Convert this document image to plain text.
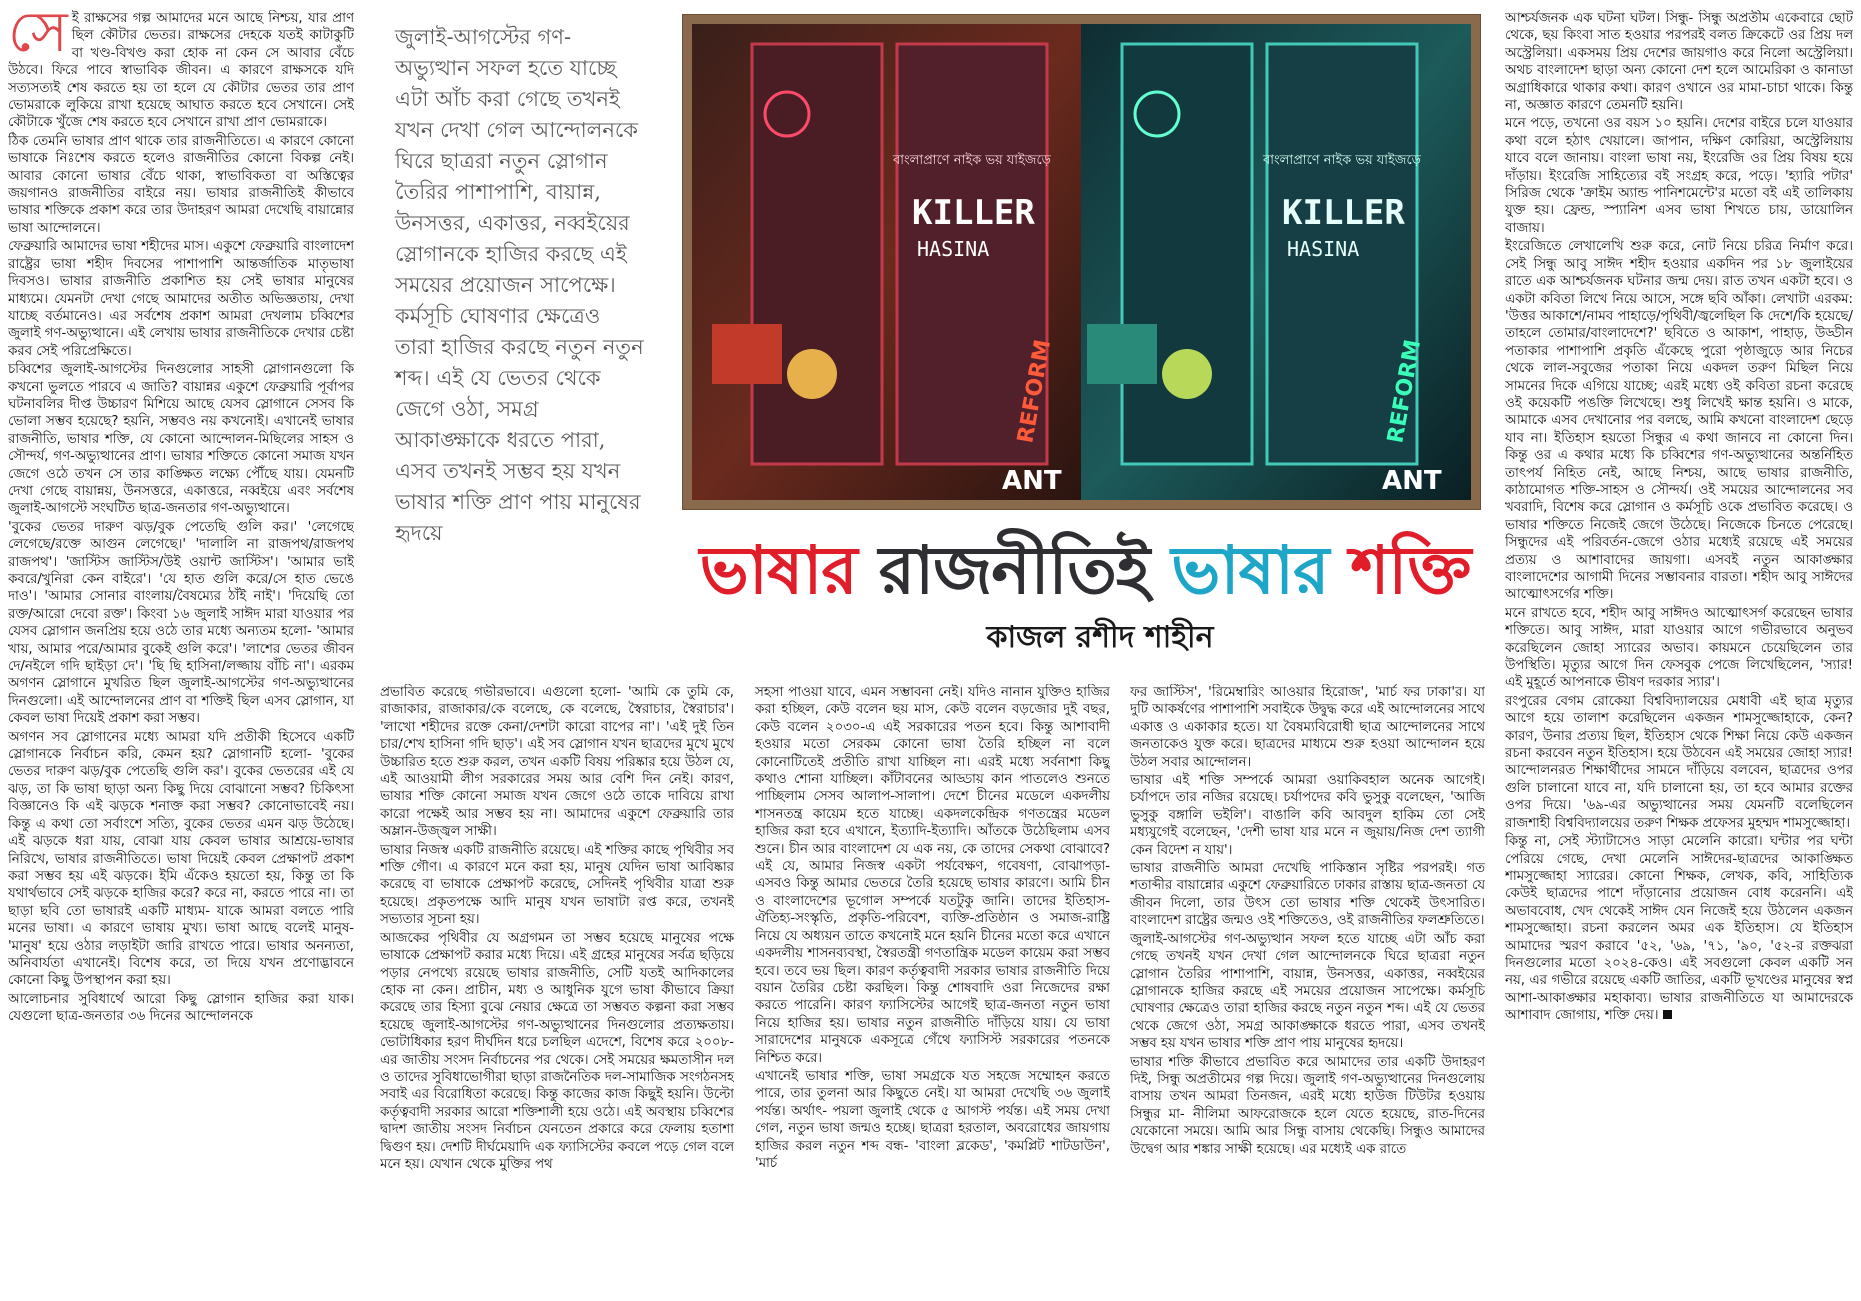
সে ই রাক্ষসের গল্প আমাদের মনে আছে নিশ্চয়, যার প্রাণ ছিল কৌটার ভেতর। রাক্ষসের দেহকে যতই কাটাকুটি বা খণ্ড-বিখণ্ড করা হোক না কেন সে আবার বেঁচে উঠবে। ফিরে পাবে স্বাভাবিক জীবন। এ কারণে রাক্ষসকে যদি সত্যসত্যই শেষ করতে হয় তা হলে যে কৌটার ভেতর তার প্রাণ ভোমরাকে লুকিয়ে রাখা হয়েছে আঘাত করতে হবে সেখানে। সেই কৌটাকে খুঁজে শেষ করতে হবে সেখানে রাখা প্রাণ ভোমরাকে।

ঠিক তেমনি ভাষার প্রাণ থাকে তার রাজনীতিতে। এ কারণে কোনো ভাষাকে নিঃশেষ করতে হলেও রাজনীতির কোনো বিকল্প নেই। আবার কোনো ভাষার বেঁচে থাকা, স্বাভাবিকতা বা অস্তিত্বের জয়গানও রাজনীতির বাইরে নয়। ভাষার রাজনীতিই কীভাবে ভাষার শক্তিকে প্রকাশ করে তার উদাহরণ আমরা দেখেছি বায়ান্নোর ভাষা আন্দোলনে।

ফেব্রুয়ারি আমাদের ভাষা শহীদের মাস। একুশে ফেব্রুয়ারি বাংলাদেশ রাষ্ট্রের ভাষা শহীদ দিবসের পাশাপাশি আন্তর্জাতিক মাতৃভাষা দিবসও। ভাষার রাজনীতি প্রকাশিত হয় সেই ভাষার মানুষের মাধ্যমে। যেমনটা দেখা গেছে আমাদের অতীত অভিজ্ঞতায়, দেখা যাচ্ছে বর্তমানেও। এর সর্বশেষ প্রকাশ আমরা দেখলাম চব্বিশের জুলাই গণ-অভ্যুত্থানে। এই লেখায় ভাষার রাজনীতিকে দেখার চেষ্টা করব সেই পরিপ্রেক্ষিতে।

চব্বিশের জুলাই-আগস্টের দিনগুলোর সাহসী স্লোগানগুলো কি কখনো ভুলতে পারবে এ জাতি? বায়ান্নর একুশে ফেব্রুয়ারি পূর্বাপর ঘটনাবলির দীপ্ত উচ্চারণ মিশিয়ে আছে যেসব স্লোগানে সেসব কি ভোলা সম্ভব হয়েছে? হয়নি, সম্ভবও নয় কখনোই। এখানেই ভাষার রাজনীতি, ভাষার শক্তি, যে কোনো আন্দোলন-মিছিলের সাহস ও সৌন্দর্য, গণ-অভ্যুত্থানের প্রাণ। ভাষার শক্তিতে কোনো সমাজ যখন জেগে ওঠে তখন সে তার কাঙ্ক্ষিত লক্ষ্যে পৌঁছে যায়। যেমনটি দেখা গেছে বায়ান্নয়, উনসত্তরে, একাত্তরে, নব্বইয়ে এবং সর্বশেষ জুলাই-আগস্টে সংঘটিত ছাত্র-জনতার গণ-অভ্যুত্থানে।

'বুকের ভেতর দারুণ ঝড়/বুক পেতেছি গুলি কর।' 'লেগেছে লেগেছে/রক্তে আগুন লেগেছে।' 'দালালি না রাজপথ/রাজপথ রাজপথ'। 'জাস্টিস জাস্টিস/উই ওয়ান্ট জাস্টিস'। 'আমার ভাই কবরে/খুনিরা কেন বাইরে'। 'যে হাত গুলি করে/সে হাত ভেঙে দাও'। 'আমার সোনার বাংলায়/বৈষম্যের ঠাঁই নাই'। 'দিয়েছি তো রক্ত/আরো দেবো রক্ত'। কিংবা ১৬ জুলাই সাঈদ মারা যাওয়ার পর যেসব স্লোগান জনপ্রিয় হয়ে ওঠে তার মধ্যে অন্যতম হলো- 'আমার খায়, আমার পরে/আমার বুকেই গুলি করে'। 'লাশের ভেতর জীবন দে/নইলে গদি ছাইড়া দে'। 'ছি ছি হাসিনা/লজ্জায় বাঁচি না'। এরকম অগণন স্লোগানে মুখরিত ছিল জুলাই-আগস্টের গণ-অভ্যুত্থানের দিনগুলো। এই আন্দোলনের প্রাণ বা শক্তিই ছিল এসব স্লোগান, যা কেবল ভাষা দিয়েই প্রকাশ করা সম্ভব।

অগণন সব স্লোগানের মধ্যে আমরা যদি প্রতীকী হিসেবে একটি স্লোগানকে নির্বাচন করি, কেমন হয়? স্লোগানটি হলো- 'বুকের ভেতর দারুণ ঝড়/বুক পেতেছি গুলি কর'। বুকের ভেতরের এই যে ঝড়, তা কি ভাষা ছাড়া অন্য কিছু দিয়ে বোঝানো সম্ভব? চিকিৎসা বিজ্ঞানেও কি এই ঝড়কে শনাক্ত করা সম্ভব? কোনোভাবেই নয়। কিন্তু এ কথা তো সর্বাংশে সত্যি, বুকের ভেতর এমন ঝড় উঠেছে। এই ঝড়কে ধরা যায়, বোঝা যায় কেবল ভাষার আশ্রয়ে-ভাষার নিরিখে, ভাষার রাজনীতিতে। ভাষা দিয়েই কেবল প্রেক্ষাপট প্রকাশ করা সম্ভব হয় এই ঝড়কে। ইমি এঁকেও হয়তো হয়, কিন্তু তা কি যথার্থভাবে সেই ঝড়কে হাজির করে? করে না, করতে পারে না। তা ছাড়া ছবি তো ভাষারই একটি মাধ্যম- যাকে আমরা বলতে পারি মনের ভাষা। এ কারণে ভাষায় মুখ্য। ভাষা আছে বলেই মানুষ- 'মানুষ' হয়ে ওঠার লড়াইটা জারি রাখতে পারে। ভাষার অনন্যতা, অনিবার্যতা এখানেই। বিশেষ করে, তা দিয়ে যখন প্রণোদ্ভাবনে কোনো কিছু উপস্থাপন করা হয়।

আলোচনার সুবিধার্থে আরো কিছু স্লোগান হাজির করা যাক। যেগুলো ছাত্র-জনতার ৩৬ দিনের আন্দোলনকে

জুলাই-আগস্টের গণ-অভ্যুত্থান সফল হতে যাচ্ছে এটা আঁচ করা গেছে তখনই যখন দেখা গেল আন্দোলনকে ঘিরে ছাত্ররা নতুন স্লোগান তৈরির পাশাপাশি, বায়ান্ন, উনসত্তর, একাত্তর, নব্বইয়ের স্লোগানকে হাজির করছে এই সময়ের প্রয়োজন সাপেক্ষে। কর্মসূচি ঘোষণার ক্ষেত্রেও তারা হাজির করছে নতুন নতুন শব্দ। এই যে ভেতর থেকে জেগে ওঠা, সমগ্র আকাঙ্ক্ষাকে ধরতে পারা, এসব তখনই সম্ভব হয় যখন ভাষার শক্তি প্রাণ পায় মানুষের হৃদয়ে
বাংলাপ্রাণে নাইক ভয় যাইজড়ে	বাংলাপ্রাণে নাইক ভয় যাইজড়ে
KILLER
HASINA
KILLER
HASINA
REFORM	REFORM
ANT	ANT
ভাষার রাজনীতিই ভাষার শক্তি
কাজল রশীদ শাহীন

প্রভাবিত করেছে গভীরভাবে। এগুলো হলো- 'আমি কে তুমি কে, রাজাকার, রাজাকার/কে বলেছে, কে বলেছে, স্বৈরাচার, স্বৈরাচার'। 'লাখো শহীদের রক্তে কেনা/দেশটা কারো বাপের না'। 'এই দুই তিন চার/শেখ হাসিনা গদি ছাড়'। এই সব স্লোগান যখন ছাত্রদের মুখে মুখে উচ্চারিত হতে শুরু করল, তখন একটি বিষয় পরিষ্কার হয়ে উঠল যে, এই আওয়ামী লীগ সরকারের সময় আর বেশি দিন নেই। কারণ, ভাষার শক্তি কোনো সমাজ যখন জেগে ওঠে তাকে দাবিয়ে রাখা কারো পক্ষেই আর সম্ভব হয় না। আমাদের একুশে ফেব্রুয়ারি তার অম্লান-উজ্জ্বল সাক্ষী।

ভাষার নিজস্ব একটি রাজনীতি রয়েছে। এই শক্তির কাছে পৃথিবীর সব শক্তি গৌণ। এ কারণে মনে করা হয়, মানুষ যেদিন ভাষা আবিষ্কার করেছে বা ভাষাকে প্রেক্ষাপট করেছে, সেদিনই পৃথিবীর যাত্রা শুরু হয়েছে। প্রকৃতপক্ষে আদি মানুষ যখন ভাষাটা রপ্ত করে, তখনই সভ্যতার সূচনা হয়।

আজকের পৃথিবীর যে অগ্রগমন তা সম্ভব হয়েছে মানুষের পক্ষে ভাষাকে প্রেক্ষাপট করার মধ্যে দিয়ে। এই গ্রহের মানুষের সর্বত্র ছড়িয়ে পড়ার নেপথ্যে রয়েছে ভাষার রাজনীতি, সেটি যতই আদিকালের হোক না কেন। প্রাচীন, মধ্য ও আধুনিক যুগে ভাষা কীভাবে ক্রিয়া করেছে তার হিস্যা বুঝে নেয়ার ক্ষেত্রে তা সম্ভবত কল্পনা করা সম্ভব হয়েছে জুলাই-আগস্টের গণ-অভ্যুত্থানের দিনগুলোর প্রত্যক্ষতায়। ভোটাধিকার হরণ দীর্ঘদিন ধরে চলছিল এদেশে, বিশেষ করে ২০০৮-এর জাতীয় সংসদ নির্বাচনের পর থেকে। সেই সময়ের ক্ষমতাসীন দল ও তাদের সুবিধাভোগীরা ছাড়া রাজনৈতিক দল-সামাজিক সংগঠনসহ সবাই এর বিরোধিতা করেছে। কিন্তু কাজের কাজ কিছুই হয়নি। উল্টো কর্তৃত্ববাদী সরকার আরো শক্তিশালী হয়ে ওঠে। এই অবস্থায় চব্বিশের দ্বাদশ জাতীয় সংসদ নির্বাচন যেনতেন প্রকারে করে ফেলায় হতাশা দ্বিগুণ হয়। দেশটি দীর্ঘমেয়াদি এক ফ্যাসিস্টের কবলে পড়ে গেল বলে মনে হয়। যেখান থেকে মুক্তির পথ

সহসা পাওয়া যাবে, এমন সম্ভাবনা নেই। যদিও নানান যুক্তিও হাজির করা হচ্ছিল, কেউ বলেন ছয় মাস, কেউ বলেন বড়জোর দুই বছর, কেউ বলেন ২০৩০-এ এই সরকারের পতন হবে। কিন্তু আশাবাদী হওয়ার মতো সেরকম কোনো ভাষা তৈরি হচ্ছিল না বলে কোনোটিতেই প্রতীতি রাখা যাচ্ছিল না। এরই মধ্যে সর্বনাশা কিছু কথাও শোনা যাচ্ছিল। কাঁটাবনের আড্ডায় কান পাতলেও শুনতে পাচ্ছিলাম সেসব আলাপ-সালাপ। দেশে চীনের মডেলে একদলীয় শাসনতন্ত্র কায়েম হতে যাচ্ছে। একদলকেন্দ্রিক গণতন্ত্রের মডেল হাজির করা হবে এখানে, ইত্যাদি-ইত্যাদি। আঁতকে উঠেছিলাম এসব শুনে। চীন আর বাংলাদেশ যে এক নয়, কে তাদের সেকথা বোঝাবে? এই যে, আমার নিজস্ব একটা পর্যবেক্ষণ, গবেষণা, বোঝাপড়া- এসবও কিন্তু আমার ভেতরে তৈরি হয়েছে ভাষার কারণে। আমি চীন ও বাংলাদেশের ভূগোল সম্পর্কে যতটুকু জানি। তাদের ইতিহাস-ঐতিহ্য-সংস্কৃতি, প্রকৃতি-পরিবেশ, ব্যক্তি-প্রতিষ্ঠান ও সমাজ-রাষ্ট্রি নিয়ে যে অধ্যয়ন তাতে কখনোই মনে হয়নি চীনের মতো করে এখানে একদলীয় শাসনব্যবস্থা, স্বৈরতন্ত্রী গণতান্ত্রিক মডেল কায়েম করা সম্ভব হবে। তবে ভয় ছিল। কারণ কর্তৃত্ববাদী সরকার ভাষার রাজনীতি দিয়ে বয়ান তৈরির চেষ্টা করছিল। কিন্তু শোষবাদি ওরা নিজেদের রক্ষা করতে পারেনি। কারণ ফ্যাসিস্টের আগেই ছাত্র-জনতা নতুন ভাষা নিয়ে হাজির হয়। ভাষার নতুন রাজনীতি দাঁড়িয়ে যায়। যে ভাষা সারাদেশের মানুষকে একসূত্রে গেঁথে ফ্যাসিস্ট সরকারের পতনকে নিশ্চিত করে।

এখানেই ভাষার শক্তি, ভাষা সমগ্রকে যত সহজে সম্মোহন করতে পারে, তার তুলনা আর কিছুতে নেই। যা আমরা দেখেছি ৩৬ জুলাই পর্যন্ত। অর্থাৎ- পয়লা জুলাই থেকে ৫ আগস্ট পর্যন্ত। এই সময় দেখা গেল, নতুন ভাষা জন্মও হচ্ছে। ছাত্ররা হরতাল, অবরোধের জায়গায় হাজির করল নতুন শব্দ বন্ধ- 'বাংলা ব্লকেড', 'কমপ্লিট শাটডাউন', 'মার্চ

ফর জাস্টিস', 'রিমেম্বারিং আওয়ার হিরোজ', 'মার্চ ফর ঢাকা'র। যা দুটি আকর্ষণের পাশাপাশি সবাইকে উদ্বুদ্ধ করে এই আন্দোলনের সাথে একাত্ত ও একাকার হতে। যা বৈষম্যবিরোধী ছাত্র আন্দোলনের সাথে জনতাকেও যুক্ত করে। ছাত্রদের মাধ্যমে শুরু হওয়া আন্দোলন হয়ে উঠল সবার আন্দোলন।

ভাষার এই শক্তি সম্পর্কে আমরা ওয়াকিবহাল অনেক আগেই। চর্যাপদে তার নজির রয়েছে। চর্যাপদের কবি ভুসুকু বলেছেন, 'আজি ভুসুকু বঙ্গালি ভইলি'। বাঙালি কবি আবদুল হাকিম তো সেই মধ্যযুগেই বলেছেন, 'দেশী ভাষা যার মনে ন জুয়ায়/নিজ দেশ ত্যাগী কেন বিদেশ ন যায়'।

ভাষার রাজনীতি আমরা দেখেছি পাকিস্তান সৃষ্টির পরপরই। গত শতাব্দীর বায়ান্নোর একুশে ফেব্রুয়ারিতে ঢাকার রাস্তায় ছাত্র-জনতা যে জীবন দিলো, তার উৎস তো ভাষার শক্তি থেকেই উৎসারিত। বাংলাদেশ রাষ্ট্রের জন্মও ওই শক্তিতেও, ওই রাজনীতির ফলশ্রুতিতে।

জুলাই-আগস্টের গণ-অভ্যুত্থান সফল হতে যাচ্ছে এটা আঁচ করা গেছে তখনই যখন দেখা গেল আন্দোলনকে ঘিরে ছাত্ররা নতুন স্লোগান তৈরির পাশাপাশি, বায়ান্ন, উনসত্তর, একাত্তর, নব্বইয়ের স্লোগানকে হাজির করছে এই সময়ের প্রয়োজন সাপেক্ষে। কর্মসূচি ঘোষণার ক্ষেত্রেও তারা হাজির করছে নতুন নতুন শব্দ। এই যে ভেতর থেকে জেগে ওঠা, সমগ্র আকাঙ্ক্ষাকে ধরতে পারা, এসব তখনই সম্ভব হয় যখন ভাষার শক্তি প্রাণ পায় মানুষের হৃদয়ে।

ভাষার শক্তি কীভাবে প্রভাবিত করে আমাদের তার একটি উদাহরণ দিই, সিন্ধু অপ্রতীমের গল্প দিয়ে। জুলাই গণ-অভ্যুত্থানের দিনগুলোয় বাসায় তখন আমরা তিনজন, এরই মধ্যে হাউজ টিউটর হওয়ায় সিন্ধুর মা- নীলিমা আফরোজকে হলে যেতে হয়েছে, রাত-দিনের যেকোনো সময়ে। আমি আর সিন্ধু বাসায় থেকেছি। সিন্ধুও আমাদের উদ্বেগ আর শঙ্কার সাক্ষী হয়েছে। এর মধ্যেই এক রাতে

আশ্চর্যজনক এক ঘটনা ঘটল। সিন্ধু- সিন্ধু অপ্রতীম একেবারে ছোট থেকে, ছয় কিংবা সাত হওয়ার পরপরই বলত ক্রিকেটে ওর প্রিয় দল অস্ট্রেলিয়া। একসময় প্রিয় দেশের জায়গাও করে নিলো অস্ট্রেলিয়া। অথচ বাংলাদেশ ছাড়া অন্য কোনো দেশ হলে আমেরিকা ও কানাডা অগ্রাধিকারে থাকার কথা। কারণ ওখানে ওর মামা-চাচা থাকে। কিন্তু না, অজ্ঞাত কারণে তেমনটি হয়নি।

মনে পড়ে, তখনো ওর বয়স ১০ হয়নি। দেশের বাইরে চলে যাওয়ার কথা বলে হঠাৎ খেয়ালে। জাপান, দক্ষিণ কোরিয়া, অস্ট্রেলিয়ায় যাবে বলে জানায়। বাংলা ভাষা নয়, ইংরেজি ওর প্রিয় বিষয় হয়ে দাঁড়ায়। ইংরেজি সাহিত্যের বই সংগ্রহ করে, পড়ে। 'হ্যারি পটার' সিরিজ থেকে 'ক্রাইম অ্যান্ড পানিশমেন্টে'র মতো বই এই তালিকায় যুক্ত হয়। ফ্রেন্ড, স্প্যানিশ এসব ভাষা শিখতে চায়, ডায়োলিন বাজায়।

ইংরেজিতে লেখালেখি শুরু করে, নোট নিয়ে চরিত্র নির্মাণ করে। সেই সিন্ধু আবু সাঈদ শহীদ হওয়ার একদিন পর ১৮ জুলাইয়ের রাতে এক আশ্চর্যজনক ঘটনার জন্ম দেয়। রাত তখন একটা হবে। ও একটা কবিতা লিখে নিয়ে আসে, সঙ্গে ছবি আঁকা। লেখাটা এরকম: 'উত্তর আকাশে/নামব পাহাড়ে/পৃথিবী/জ্বলেছিল কি দেশে/কি হয়েছে/তাহলে তোমার/বাংলাদেশে?' ছবিতে ও আকাশ, পাহাড়, উড্ডীন পতাকার পাশাপাশি প্রকৃতি এঁকেছে পুরো পৃষ্ঠাজুড়ে আর নিচের থেকে লাল-সবুজের পতাকা নিয়ে একদল তরুণ মিছিল নিয়ে সামনের দিকে এগিয়ে যাচ্ছে; এরই মধ্যে ওই কবিতা রচনা করেছে ওই কয়েকটি পঙক্তি লিখেছে। শুধু লিখেই ক্ষান্ত হয়নি। ও মাকে, আমাকে এসব দেখানোর পর বলছে, আমি কখনো বাংলাদেশ ছেড়ে যাব না। ইতিহাস হয়তো সিন্ধুর এ কথা জানবে না কোনো দিন। কিন্তু ওর এ কথার মধ্যে কি চব্বিশের গণ-অভ্যুত্থানের অন্তর্নিহিত তাৎপর্য নিহিত নেই, আছে নিশ্চয়, আছে ভাষার রাজনীতি, কাঠামোগত শক্তি-সাহস ও সৌন্দর্য। ওই সময়ের আন্দোলনের সব খবরাদি, বিশেষ করে স্লোগান ও কর্মসূচি ওকে প্রভাবিত করেছে। ও ভাষার শক্তিতে নিজেই জেগে উঠেছে। নিজেকে চিনতে পেরেছে। সিন্ধুদের এই পরিবর্তন-জেগে ওঠার মধ্যেই রয়েছে এই সময়ের প্রত্যয় ও আশাবাদের জায়গা। এসবই নতুন আকাঙ্ক্ষার বাংলাদেশের আগামী দিনের সম্ভাবনার বারতা। শহীদ আবু সাঈদের আত্মোৎসর্গের শক্তি।

মনে রাখতে হবে, শহীদ আবু সাঈদও আত্মোৎসর্গ করেছেন ভাষার শক্তিতে। আবু সাঈদ, মারা যাওয়ার আগে গভীরভাবে অনুভব করেছিলেন জোহা স্যারের অভাব। কায়মনে চেয়েছিলেন তার উপস্থিতি। মৃত্যুর আগে দিন ফেসবুক পেজে লিখেছিলেন, 'স্যার! এই মুহূর্তে আপনাকে ভীষণ দরকার স্যার'।

রংপুরের বেগম রোকেয়া বিশ্ববিদ্যালয়ের মেধাবী এই ছাত্র মৃত্যুর আগে হয়ে তালাশ করেছিলেন একজন শামসুজ্জোহাকে, কেন? কারণ, উনার প্রত্যয় ছিল, ইতিহাস থেকে শিক্ষা নিয়ে কেউ একজন রচনা করবেন নতুন ইতিহাস। হয়ে উঠবেন এই সময়ের জোহা স্যার! আন্দোলনরত শিক্ষার্থীদের সামনে দাঁড়িয়ে বলবেন, ছাত্রদের ওপর গুলি চালানো যাবে না, যদি চালানো হয়, তা হবে আমার রক্তের ওপর দিয়ে। '৬৯-এর অভ্যুত্থানের সময় যেমনটি বলেছিলেন রাজশাহী বিশ্ববিদ্যালয়ের তরুণ শিক্ষক প্রফেসর মুহম্মদ শামসুজ্জোহা।

কিন্তু না, সেই স্ট্যাটাসেও সাড়া মেলেনি কারো। ঘন্টার পর ঘন্টা পেরিয়ে গেছে, দেখা মেলেনি সাঈদের-ছাত্রদের আকাঙ্ক্ষিত শামসুজ্জোহা স্যারের। কোনো শিক্ষক, লেখক, কবি, সাহিত্যিক কেউই ছাত্রদের পাশে দাঁড়ানোর প্রয়োজন বোধ করেননি। এই অভাববোধ, খেদ থেকেই সাঈদ যেন নিজেই হয়ে উঠলেন একজন শামসুজ্জোহা। রচনা করলেন অমর এক ইতিহাস। যে ইতিহাস আমাদের স্মরণ করাবে '৫২, '৬৯, '৭১, '৯০, '৫২-র রক্তঝরা দিনগুলোর মতো ২০২৪-কেও। এই সবগুলো কেবল একটি সন নয়, এর গভীরে রয়েছে একটি জাতির, একটি ভূখণ্ডের মানুষের স্বপ্ন আশা-আকাঙ্ক্ষার মহাকাব্য। ভাষার রাজনীতিতে যা আমাদেরকে আশাবাদ জোগায়, শক্তি দেয়।
